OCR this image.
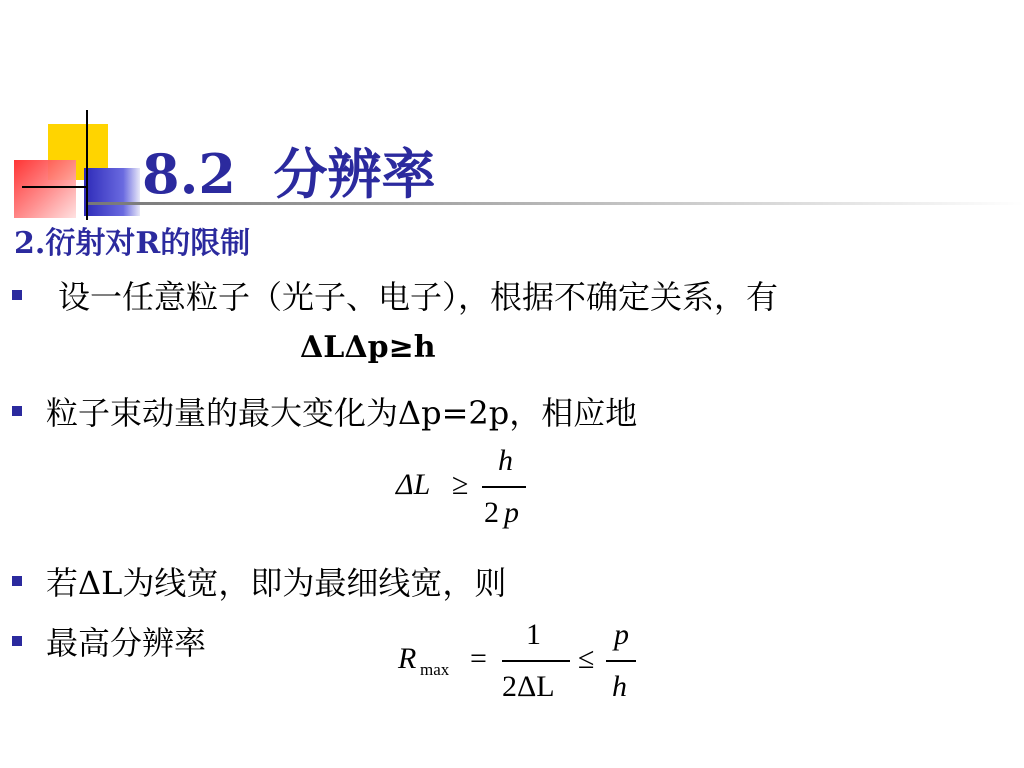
8.2  分辨率
2.衍射对R的限制
设一任意粒子（光子、电子），根据不确定关系，有
ΔLΔp≥h
粒子束动量的最大变化为Δp=2p，相应地
ΔL ≥
h
2 p
若ΔL为线宽，即为最细线宽，则
最高分辨率	R max =
1
2ΔL
≤
p
h
